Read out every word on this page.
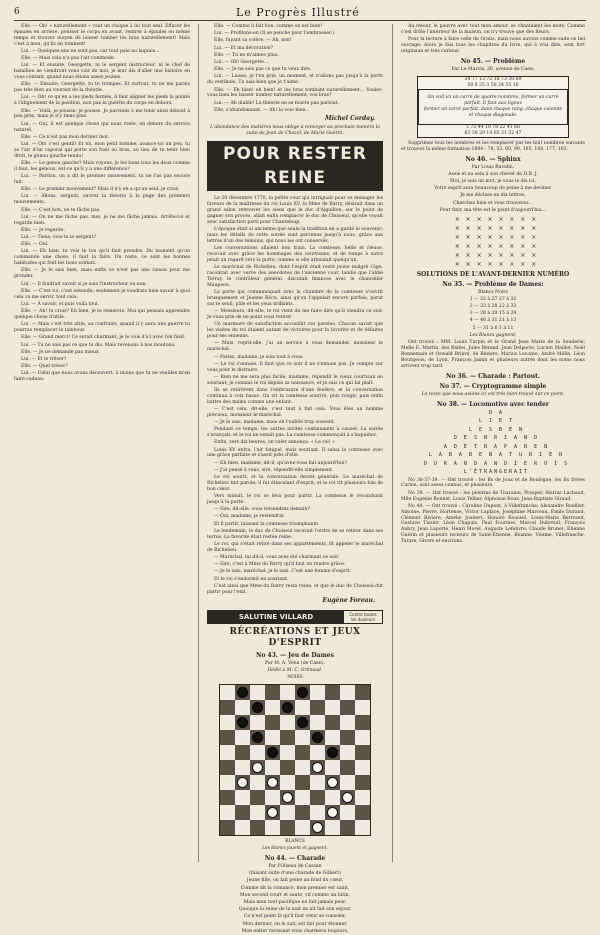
6	Le Progrès Illustré

Elle. — Oh! « naturellement » vaut un chaque à lui tout seul. Effacer les épaules en arrière, pousser le corps en avant, rentrer à épaules en même temps et trouver moyen de laisser tomber les bras naturellement! Mais c'est à mon, qu'ils en tombent!

Lui. — Quelques-uns ne sont pas, car tout paie au laquais...

Elle. — Mais cela n'a pas l'air commode.

Lui. — Et ensuite, Georgette, ni le sergent instructeur, ni le chef de bataillon ne viendront vous voir de moi, je leur dis d'aller une histoire en vous contant, quand nous étions assez jeunes.

Elle. — Ensuite, Georgette, tu te trompes. Et surtout, tu ne me parais pas très bien au courant de la théorie.

Lui. — Oh! ce qu'en a les pieds fermés, il faut aligner les pieds la pointe à l'alignement de la position, non pas la guérite du corps en dehors.

Elle. — Voilà, je pousse, je pousse. Je parviens à me tenir ainsi debout à peu près, mais je n'y tiens plus.

Lui. — Oui, il est quelque chose qui nous reste, en dehors du service naturel.

Elle. — Ce n'est pas mon dernier mot.

Lui. — Oh! c'est gentil! Et toi, mon petit homme, avance-toi un peu, tu as l'air d'un caporal qui porte son fusil au bras, au lieu de te tenir bien droit, le genou gauche tendu!

Elle. — Le genou gauche? Mais voyons, je les tiens tous les deux comme il faut, les genoux, est-ce qu'il y a une différence?

Lui. — Pardon, on a dit le premier mouvement, tu ne l'as pas encore fait.

Elle. — Le premier mouvement? Mais il n'y en a qu'un seul, je crois.

Lui. — Allons, sergent, ouvrez la théorie à la page des premiers mouvements.

Elle. — C'est bon, ne te fâche pas.

Lui. — On ne me fâche pas, moi, je ne me fâche jamais. Arrête-toi et regarde bien.

Elle. — Je regarde.

Lui. — Tiens, vois-tu le sergent?

Elle. — Oui.

Lui. — Eh bien, tu vois le ton qu'il faut prendre. Du moment qu'on commande une chose, il faut la faire. Du reste, ce sont les bonnes habitudes qui font les bons soldats.

Elle. — Je le sais bien, mais enfin ce n'est pas une raison pour me gronder.

Lui. — Il faudrait savoir si je suis l'instructeur ou non.

Elle. — C'est toi, c'est entendu; seulement je voudrais bien savoir à quoi cela va me servir, tout cela.

Lui. — À savoir, et puis voilà tout.

Elle. — Ah! tu crois? Eh bien, je te remercie. Moi qui pensais apprendre quelque chose d'utile.

Lui. — Mais c'est très utile, au contraire, quand il y aura une guerre tu pourras remplacer le tambour.

Elle. — Grand merci! Ce serait charmant, je te vois d'ici avec ton fusil.

Lui. — Tu ne sais pas ce que tu dis. Mais revenons à nos moutons.

Elle. — Je ne demande pas mieux.

Lui. — Et le trésor?

Elle. — Quel trésor?

Lui. — Celui que nous avons découvert, à moins que tu ne veuilles m'en faire cadeau.

Elle. — Comme il fait bon, comme on est bien!

Lui. — Profitons-en (Il se penche pour l'embrasser.)

Elle, fuyant sa colère. — Ah, non!

Lui. — Et ma décoration?

Elle. — Tu ne m'aimes plus.

Lui. — Oh! Georgette...

Elle. — Je ne sais pas ce que tu veux dire.

Lui. — Laisse, je t'en prie, un moment, et n'allons pas jusqu'à la porte du vestibule. Tu sais bien que je t'aime.

Elle. — Eh bien! eh bien! et les bras tombant naturellement... Voulez-vous bien les laisser tomber naturellement, vos bras?

Lui. — Ah diable! La théorie ne se fourre pas partout.

Elle, s'abandonnant. — Ah! la voie bien...

Michel Corday.

L'abondance des matières nous oblige à renvoyer au prochain numéro la suite de Jean de Chazol, de Marie Guérin.

POUR RESTER REINE

Le 20 décembre 1770, la petite cour qui intriguait pour se ménager les faveurs de la maîtresse du roi Louis XV, la Mme de Barry, désirait dans un grand salon retrouver les siens que le duc d'Aiguillon, sur le point de gagner son procès, allait enfin remplacer le duc de Choiseul, qu'elle voyait avec satisfaction parti pour Chanteloup.

L'époque était si ancienne que seule la tradition en a gardé le souvenir; mais les détails de cette soirée sont parvenus jusqu'à nous, grâce aux lettres d'un des témoins, qui nous les ont conservés.

Les conversations allaient bon train. La comtesse, belle et rieuse, recevait avec grâce les hommages des courtisans, et de temps à autre jetait un regard vers la porte, comme si elle attendait quelqu'un.

Le maréchal de Richelieu, dont l'esprit était resté jeune malgré l'âge, racontait avec verve des anecdotes de l'ancienne cour, tandis que l'abbé Terray, le contrôleur général, discutait finances avec le chancelier Maupeou.

La porte qui communiquait avec la chambre de la comtesse s'ouvrit brusquement et Jeanne Bécu, ainsi qu'on l'appelait encore parfois, parut sur le seuil, pâle et les yeux brillants.

— Messieurs, dit-elle, le roi vient de me faire dire qu'il viendra ce soir. Je vous prie de ne point vous retirer.

Un murmure de satisfaction accueillit ces paroles. Chacun savait que les visites du roi étaient autant de victoires pour la favorite et de défaites pour ses ennemis.

— Mais, reprit-elle, j'ai un service à vous demander, monsieur le maréchal.

— Parlez, madame, je suis tout à vous.

— Le roi s'ennuie. Il faut que ce soir il ne s'ennuie pas. Je compte sur vous pour le distraire.

— Rien ne me sera plus facile, madame, répondit le vieux courtisan en souriant; je connais le roi depuis sa naissance, et je sais ce qui lui plaît.

Ils se retirèrent dans l'embrasure d'une fenêtre, et la conversation continua à voix basse. On vit la comtesse sourire, puis rougir, puis enfin battre des mains comme une enfant.

— C'est cela, dit-elle, c'est tout à fait cela. Vous êtes un homme précieux, monsieur le maréchal.

— Je le sais, madame, mais on l'oublie trop souvent.

Pendant ce temps, les autres invités continuaient à causer. La soirée s'avançait, et le roi ne venait pas. La comtesse commençait à s'inquiéter.

Enfin, vers dix heures, un valet annonça: « Le roi! »

Louis XV entra, l'air fatigué, mais souriant. Il salua la comtesse avec une grâce parfaite et s'assit près d'elle.

— Eh bien, madame, dit-il, qu'avez-vous fait aujourd'hui?

— J'ai pensé à vous, sire, répondit-elle simplement.

Le roi sourit, et la conversation devint générale. Le maréchal de Richelieu tint parole; il fut étincelant d'esprit, et le roi rit plusieurs fois de bon cœur.

Vers minuit, le roi se leva pour partir. La comtesse le reconduisit jusqu'à la porte.

— Sire, dit-elle, vous reviendrez demain?

— Oui, madame, je reviendrai.

Et il partit, laissant la comtesse triomphante.

Le lendemain, le duc de Choiseul recevait l'ordre de se retirer dans ses terres. La favorite était restée reine.

Le roi, qui s'était retiré dans ses appartements, fit appeler le maréchal de Richelieu.

— Maréchal, lui dit-il, vous avez été charmant ce soir.

— Sire, c'est à Mme du Barry qu'il faut en rendre grâce.

— Je le sais, maréchal, je le sais. C'est une femme d'esprit.

Et le roi s'endormit en souriant.

C'est ainsi que Mme du Barry resta reine, et que le duc de Choiseul dut partir pour l'exil.

Eugène Foreau.

SALUTINE VILLARD	Contre toutes les douleurs
RÉCRÉATIONS ET JEUX D'ESPRIT

No 43. — Jeu de Dames

Par M. A. Vena (de Caen).

Dédié à M. C. Grimaud.

NOIRS

BLANCS

Les blancs jouent et gagnent.

No 44. — Charade

Par l'Oiseau de Cassan

(faisant suite d'une charade de Gilbert)

Jeune fille, on fait peine au fond du cœur,

Comme dit la romance, mon premier est saint,

Mon second court et saute, vif comme un lutin,

Mais mon tout pacifique ne fait jamais peur.

Quoique la reine de la nuit en ait fait son séjour,

Ce n'est point là qu'il faut venir se consoler,

Mon dernier, on le sait, est fait pour étonner,

Mon entier ravissant vous charmera toujours.

Au retour, le pauvre avec tout mon amour, se chantaient les mots: Comme c'est drôle l'intérieur de la maison, on n'y trouve que des fleurs.

Pour la lecture à faire celle du Gratis, mais nous aurons comme suite ce bel ouvrage: Alors je fais tous les chapitres du livre, qui à vrai dire, sont fort originaux et très curieux.

No 45. — Problème

Par Le Marcis, 26, avenue de Caen.

34 77 13 72 18 73 30 69
50 8 35 3 58 24 55 16

On voit ici un carré de quatre nombres, former un carré parfait. Il faut aux lignes
former un carré parfait, dans chaque rang, chaque colonne et chaque diagonale.

5 72 44 19 78 22 41 66
63 38 29 14 65 31 52 47

Supprimez tous les nombres et les remplacer par les huit nombres suivants et trouvez la même formation 1884 : 78, 53, 60, 99, 105, 108, 177, 163.

No 46. — Sphinx

Par Louis Ravelin.

Assis et au sein à son chevet de D.B. J.

Moi, je suis un mot, je vous le dis ici,

Votre esprit aura beaucoup de peine à me deviner.

Je me déclare en dix lettres,

Cherchez bien et vous trouverez...

Pour finir, ma tête est le point d'aujourd'hui...

× × × × × × × ×

× × × × × × × ×

× × × × × × × ×

× × × × × × × ×

× × × × × × × ×

× × × × × × × ×

SOLUTIONS DE L'AVANT-DERNIER NUMÉRO

No 35. — Problème de Dames:

Blancs Noirs

1 — 32 à 27 27 à 32

2 — 33 à 28 22 à 33

3 — 38 à 29 15 à 24

4 — 48 à 31 21 à 12

5 — 31 à 6 1 à 11

Les Blancs gagnent.

Ont trouvé : MM. Louis Turpin et le Grand Jean Marie de la Souderie; Melle E. Martin, des Balfes, Jules Bérand, Jean Delporte, Lucien Maillet, Noël Bonnemain et Oswald Briard, de Béziers, Marius Leconte, André Mélin, Léon Bourgeois, de Lyon, François Jamin et plusieurs autres dont les noms nous arrivent trop tard.

No 36. — Charade : Partout.

No 37. — Cryptogramme simple

Le texte que nous avions ici est très bien trouvé sur ce point.

No 38. — Locomotive avec tender

D A

L I E T

L E S B E N

D E S B R I A N D

A D E T R A P A R E N

L A B A B E N A T U R I E R

D U R A N D A N D I E R O I S

L'ÉTRANGERAIT

No 38-37-39. — Ont trouvé : les Bs de Joux et de Boulogne, les Bs frères Carlon, sont assez connus, et plusieurs.

No 39. — Ont trouvé : les pèlerins de Touraine, Prosper, Marius Lachaud, Mlle Eugénie Bonnet, Louis Tellier, Alphonse Roux, Jean-Baptiste Giraud.

No 40. — Ont trouvé : Caroline Dupont, à Villefranche; Alexandre Roullier, Antoine, Pierre, Hortense, Victor Laplace, Joséphine Marceau, Émile Durand, Clément Rivière, Amélie Joubert, Honoré Roussel, Louis-Marie Bertrand, Gustave Tissier, Léon Chapuis, Paul Fournier, Marcel Dubreuil, François Aubry, Jean Laporte, Henri Morel, Auguste Lefebvre, Claude Brunet, Étienne Guérin et plusieurs lecteurs de Saint-Étienne, Roanne, Vienne, Villefranche, Tarare, Givors et environs.
